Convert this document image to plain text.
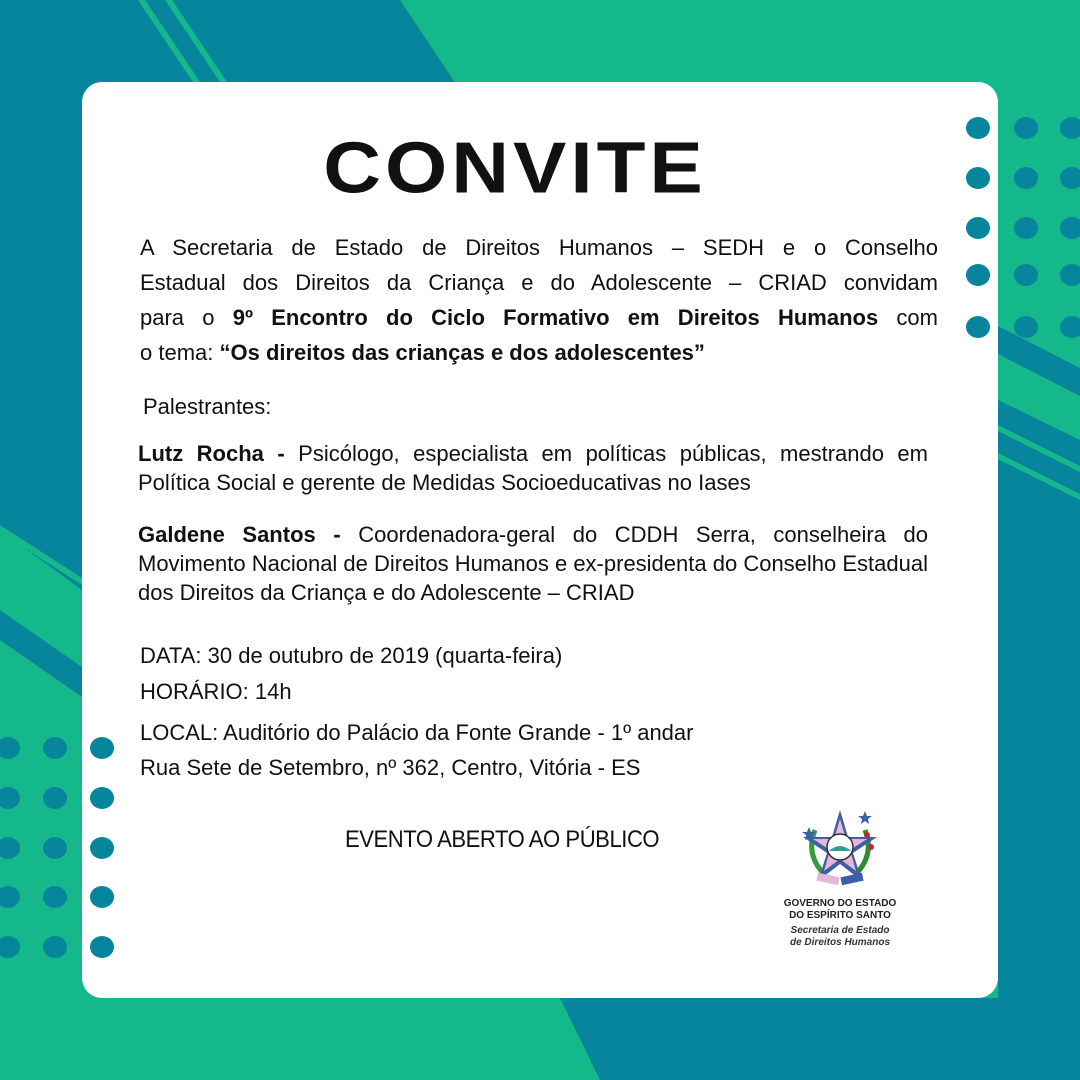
CONVITE
A Secretaria de Estado de Direitos Humanos – SEDH e o Conselho
Estadual dos Direitos da Criança e do Adolescente – CRIAD convidam
para o 9º Encontro do Ciclo Formativo em Direitos Humanos com
o tema: “Os direitos das crianças e dos adolescentes”
Palestrantes:
Lutz Rocha - Psicólogo, especialista em políticas públicas, mestrando em Política Social e gerente de Medidas Socioeducativas no Iases
Galdene Santos - Coordenadora-geral do CDDH Serra, conselheira do Movimento Nacional de Direitos Humanos e ex-presidenta do Conselho Estadual dos Direitos da Criança e do Adolescente – CRIAD
DATA: 30 de outubro de 2019 (quarta-feira)
HORÁRIO: 14h
LOCAL: Auditório do Palácio da Fonte Grande - 1º andar
Rua Sete de Setembro, nº 362, Centro, Vitória - ES
EVENTO ABERTO AO PÚBLICO
GOVERNO DO ESTADO
DO ESPÍRITO SANTO
Secretaria de Estado
de Direitos Humanos
